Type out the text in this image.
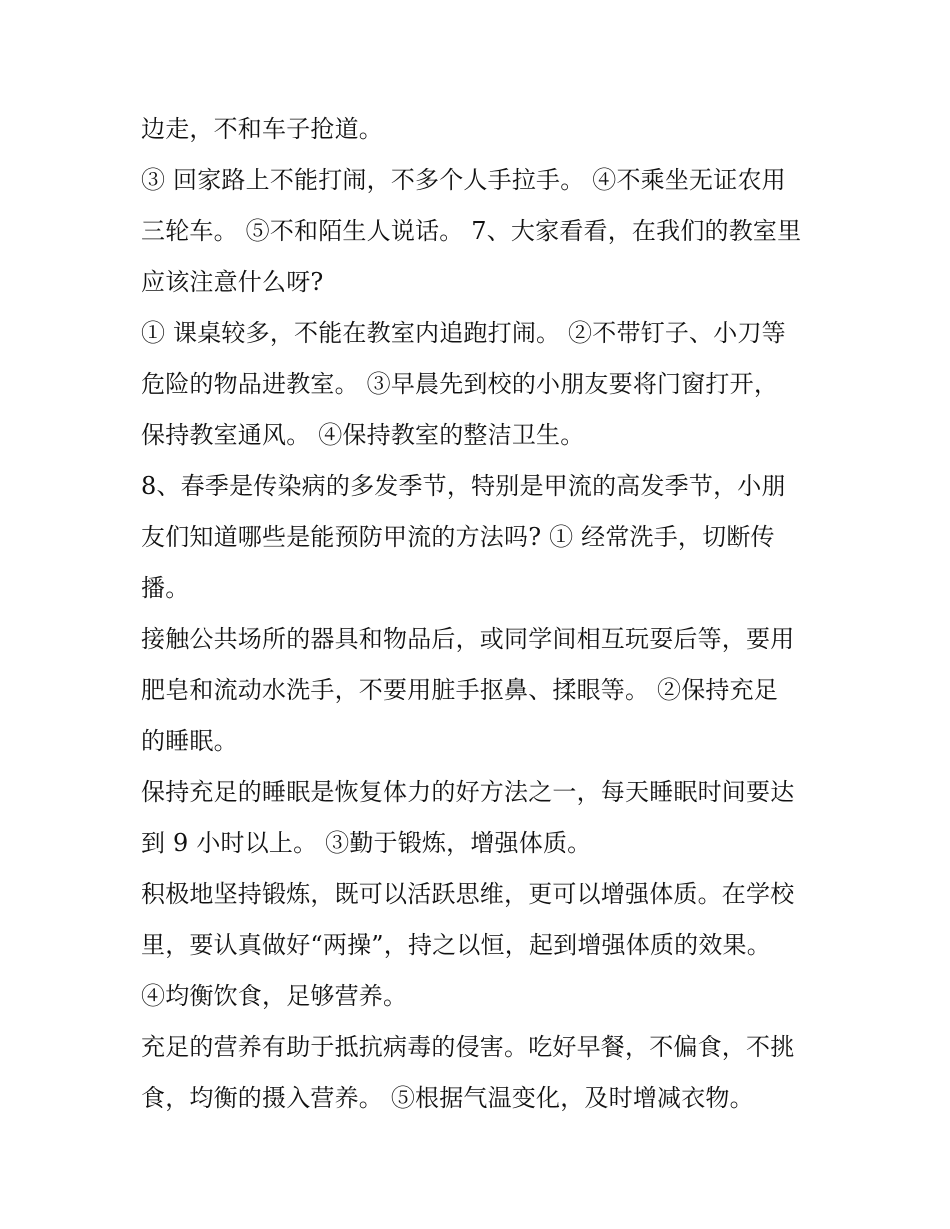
边走，不和车子抢道。
③ 回家路上不能打闹，不多个人手拉手。 ④不乘坐无证农用
三轮车。 ⑤不和陌生人说话。 7、大家看看，在我们的教室里
应该注意什么呀?
① 课桌较多，不能在教室内追跑打闹。 ②不带钉子、小刀等
危险的物品进教室。 ③早晨先到校的小朋友要将门窗打开，
保持教室通风。 ④保持教室的整洁卫生。
8、春季是传染病的多发季节，特别是甲流的高发季节，小朋
友们知道哪些是能预防甲流的方法吗? ① 经常洗手，切断传
播。
接触公共场所的器具和物品后，或同学间相互玩耍后等，要用
肥皂和流动水洗手，不要用脏手抠鼻、揉眼等。 ②保持充足
的睡眠。
保持充足的睡眠是恢复体力的好方法之一，每天睡眠时间要达
到 9 小时以上。 ③勤于锻炼，增强体质。
积极地坚持锻炼，既可以活跃思维，更可以增强体质。在学校
里，要认真做好“两操”，持之以恒，起到增强体质的效果。
④均衡饮食，足够营养。
充足的营养有助于抵抗病毒的侵害。吃好早餐，不偏食，不挑
食，均衡的摄入营养。 ⑤根据气温变化，及时增减衣物。
